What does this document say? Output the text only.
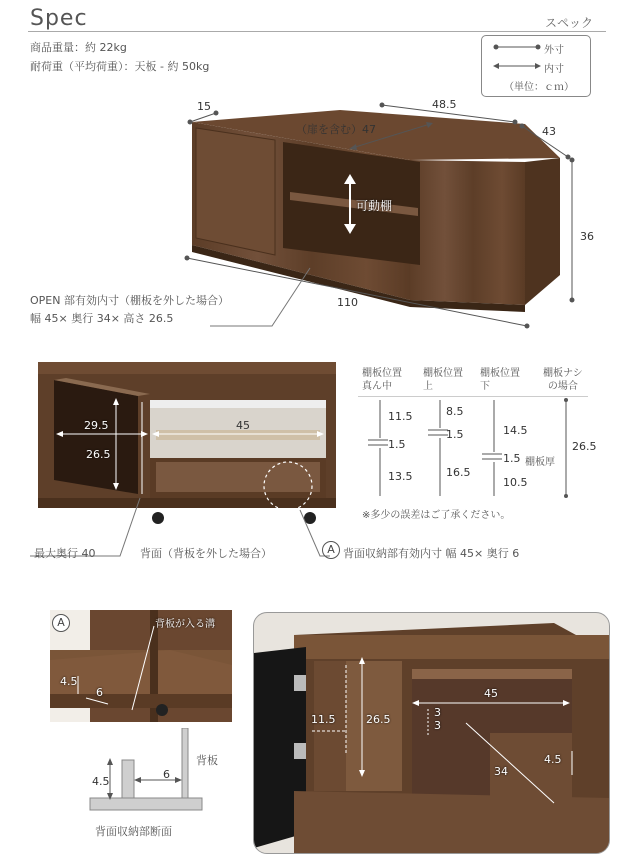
Spec	スペック
商品重量：約 22kg
耐荷重（平均荷重）：天板 - 約 50kg
外寸
内寸
（単位：ｃｍ）
可動棚
15	48.5
43
（扉を含む）47
36
110
OPEN 部有効内寸（棚板を外した場合）
幅 45× 奥行 34× 高さ 26.5
29.5
26.5
45
最大奥行 40	背面（背板を外した場合）	A 背面収納部有効内寸 幅 45× 奥行 6
棚板位置
真ん中
棚板位置
上
棚板位置
下
棚板ナシ
の場合
11.5
1.5
13.5
8.5
1.5
16.5
14.5
1.5 棚板厚
10.5
26.5
※多少の誤差はご了承ください。
A	背板が入る溝
4.5
6
背板
4.5
6
背面収納部断面
11.5	26.5
45
3
3
34
4.5
